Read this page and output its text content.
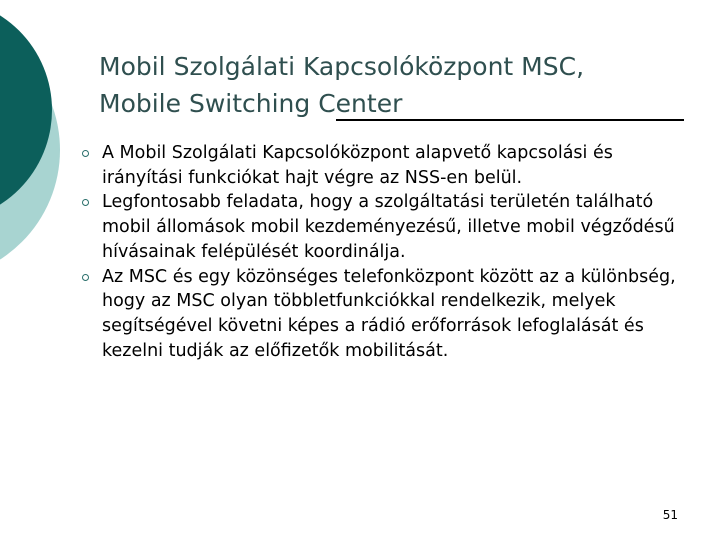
Mobil Szolgálati Kapcsolóközpont MSC,
Mobile Switching Center
A Mobil Szolgálati Kapcsolóközpont alapvető kapcsolási és irányítási funkciókat hajt végre az NSS-en belül.
Legfontosabb feladata, hogy a szolgáltatási területén található mobil állomások mobil kezdeményezésű, illetve mobil végződésű hívásainak felépülését koordinálja.
Az MSC és egy közönséges telefonközpont között az a különbség, hogy az MSC olyan többletfunkciókkal rendelkezik, melyek segítségével követni képes a rádió erőforrások lefoglalását és kezelni tudják az előfizetők mobilitását.
51
